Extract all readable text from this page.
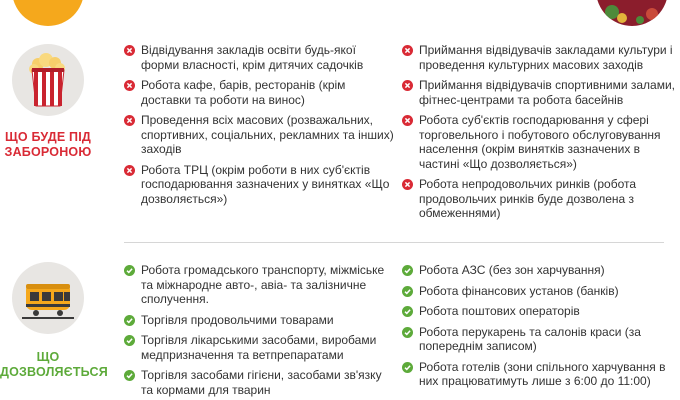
ЩО БУДЕ ПІД
ЗАБОРОНОЮ
Відвідування закладів освіти будь-якої форми власності, крім дитячих садочків
Робота кафе, барів, ресторанів (крім доставки та роботи на винос)
Проведення всіх масових (розважальних, спортивних, соціальних, рекламних та інших) заходів
Робота ТРЦ (окрім роботи в них суб'єктів господарювання зазначених у винятках «Що дозволяється»)
Приймання відвідувачів закладами культури і проведення культурних масових заходів
Приймання відвідувачів спортивними залами, фітнес-центрами та робота басейнів
Робота суб'єктів господарювання у сфері торговельного і побутового обслуговування населення (окрім винятків зазначених в частині «Що дозволяється»)
Робота непродовольчих ринків (робота продовольчих ринків буде дозволена з обмеженнями)
ЩО
ДОЗВОЛЯЄТЬСЯ
Робота громадського транспорту, міжміське та міжнародне авто-, авіа- та залізничне сполучення.
Торгівля продовольчими товарами
Торгівля лікарськими засобами, виробами медпризначення та ветпрепаратами
Торгівля засобами гігієни, засобами зв'язку та кормами для тварин
Робота АЗС (без зон харчування)
Робота фінансових установ (банків)
Робота поштових операторів
Робота перукарень та салонів краси (за попереднім записом)
Робота готелів (зони спільного харчування в них працюватимуть лише з 6:00 до 11:00)
